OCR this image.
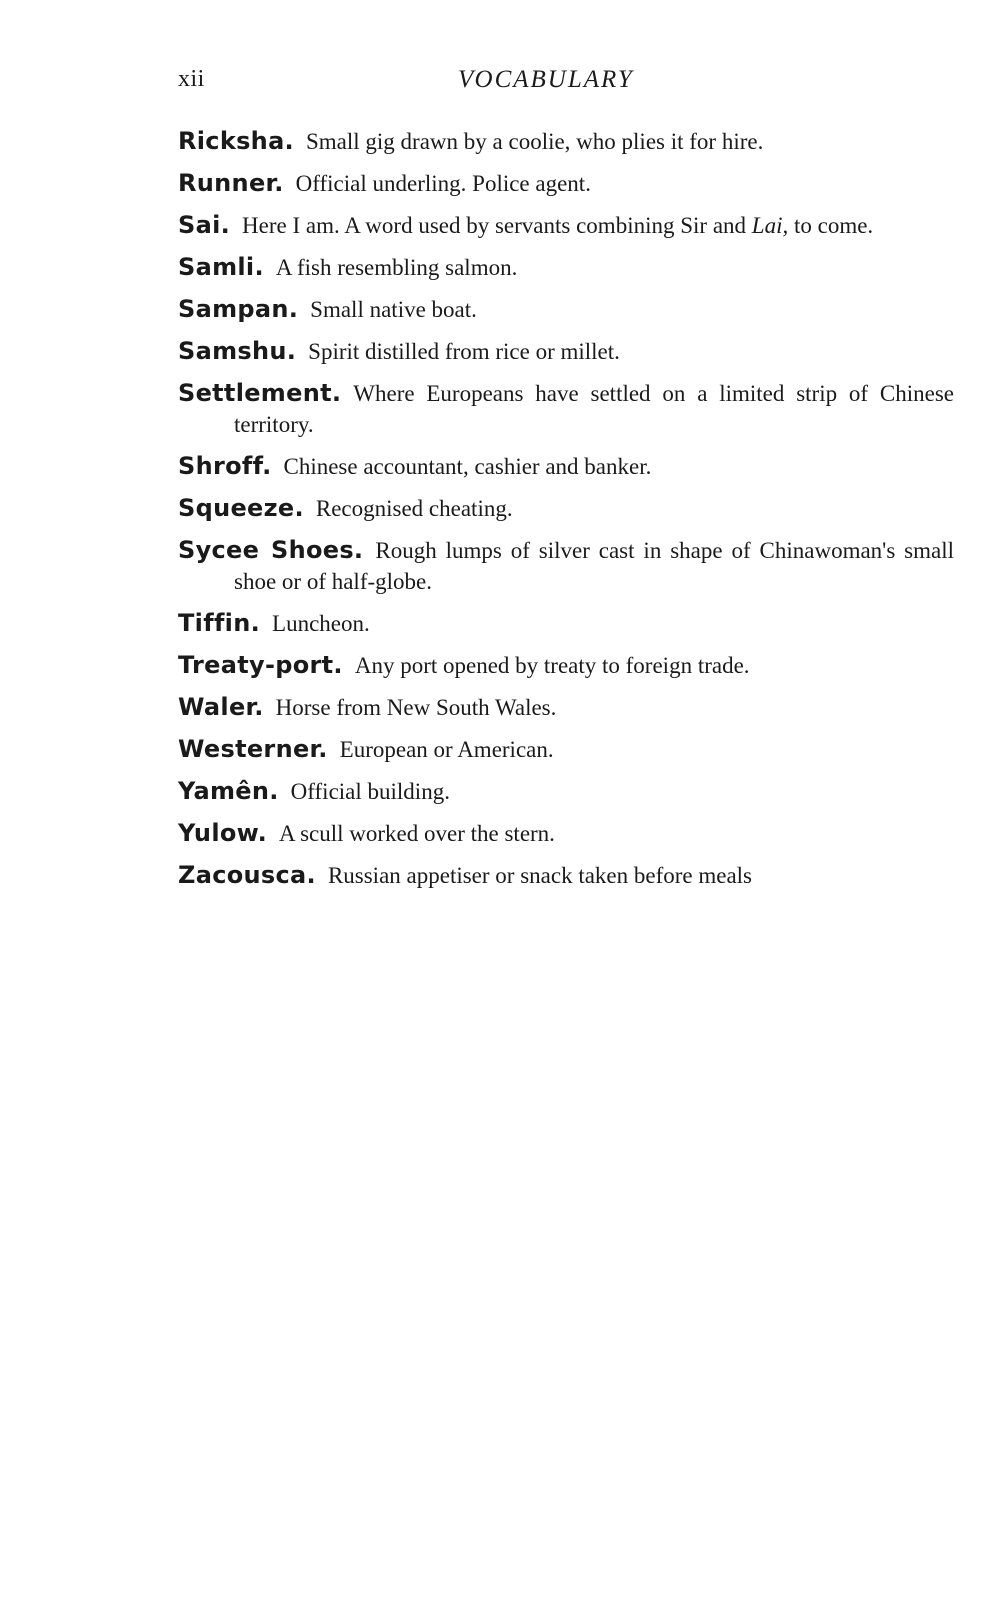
xii	VOCABULARY
Ricksha. Small gig drawn by a coolie, who plies it for hire.
Runner. Official underling. Police agent.
Sai. Here I am. A word used by servants combining Sir and Lai, to come.
Samli. A fish resembling salmon.
Sampan. Small native boat.
Samshu. Spirit distilled from rice or millet.
Settlement. Where Europeans have settled on a limited strip of Chinese territory.
Shroff. Chinese accountant, cashier and banker.
Squeeze. Recognised cheating.
Sycee Shoes. Rough lumps of silver cast in shape of Chinawoman's small shoe or of half-globe.
Tiffin. Luncheon.
Treaty-port. Any port opened by treaty to foreign trade.
Waler. Horse from New South Wales.
Westerner. European or American.
Yamên. Official building.
Yulow. A scull worked over the stern.
Zacousca. Russian appetiser or snack taken before meals
